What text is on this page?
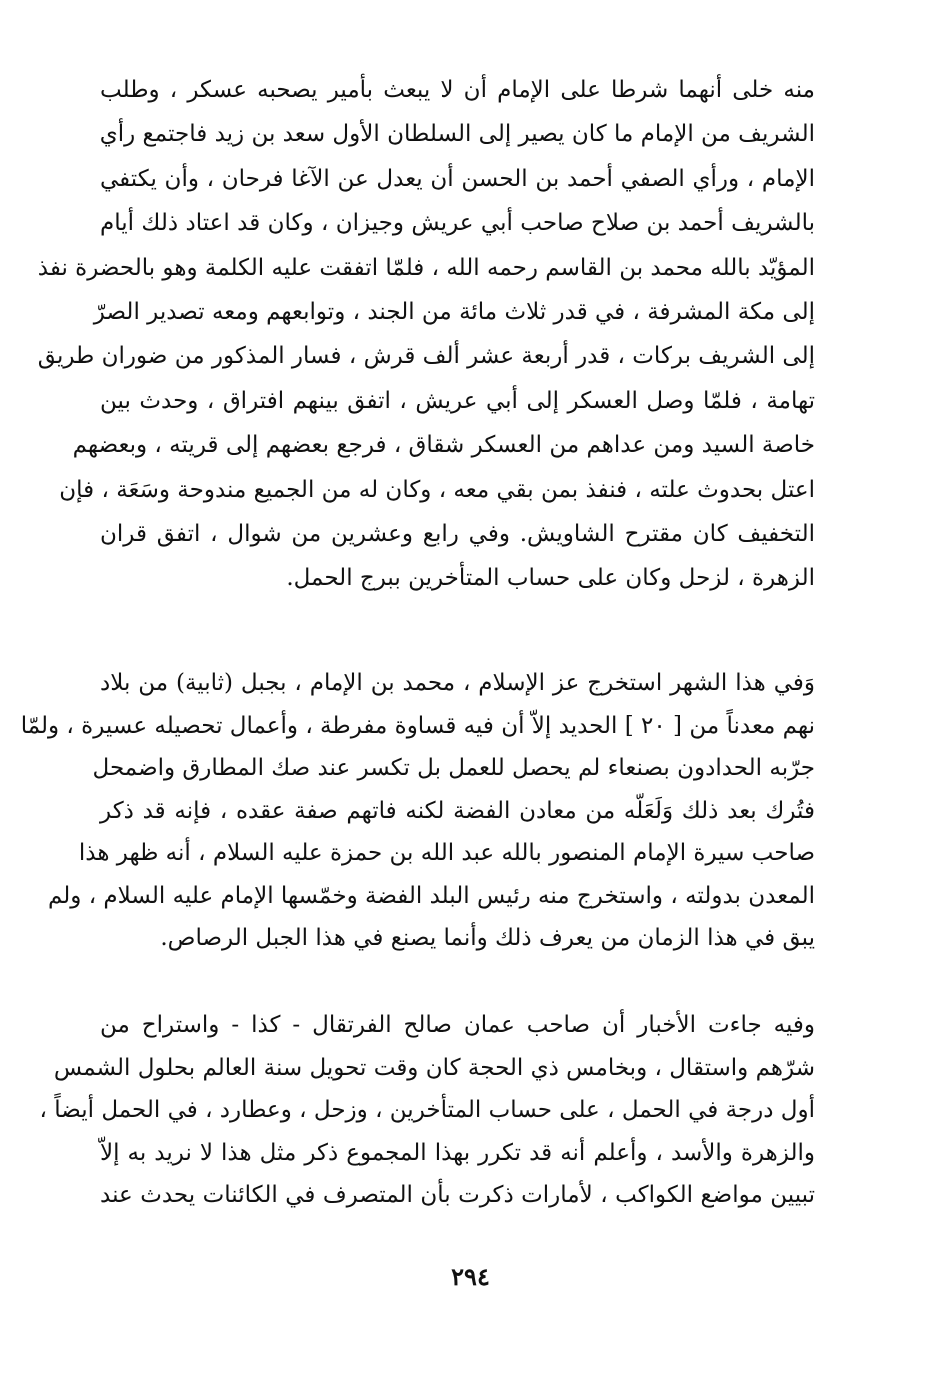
منه خلى أنهما شرطا على الإمام أن لا يبعث بأمير يصحبه عسكر ، وطلب
الشريف من الإمام ما كان يصير إلى السلطان الأول سعد بن زيد فاجتمع رأي
الإمام ، ورأي الصفي أحمد بن الحسن أن يعدل عن الآغا فرحان ، وأن يكتفي
بالشريف أحمد بن صلاح صاحب أبي عريش وجيزان ، وكان قد اعتاد ذلك أيام
المؤيّد بالله محمد بن القاسم رحمه الله ، فلمّا اتفقت عليه الكلمة وهو بالحضرة نفذ
إلى مكة المشرفة ، في قدر ثلاث مائة من الجند ، وتوابعهم ومعه تصدير الصرّ
إلى الشريف بركات ، قدر أربعة عشر ألف قرش ، فسار المذكور من ضوران طريق
تهامة ، فلمّا وصل العسكر إلى أبي عريش ، اتفق بينهم افتراق ، وحدث بين
خاصة السيد ومن عداهم من العسكر شقاق ، فرجع بعضهم إلى قريته ، وبعضهم
اعتل بحدوث علته ، فنفذ بمن بقي معه ، وكان له من الجميع مندوحة وسَعَة ، فإن
التخفيف كان مقترح الشاويش. وفي رابع وعشرين من شوال ، اتفق قران
الزهرة ، لزحل وكان على حساب المتأخرين ببرج الحمل.
وَفي هذا الشهر استخرج عز الإسلام ، محمد بن الإمام ، بجبل (ثابية) من بلاد
نهم معدناً من [ ٢٠ ] الحديد إلاّ أن فيه قساوة مفرطة ، وأعمال تحصيله عسيرة ، ولمّا
جرّبه الحدادون بصنعاء لم يحصل للعمل بل تكسر عند صك المطارق واضمحل
فتُرك بعد ذلك وَلَعَلّه من معادن الفضة لكنه فاتهم صفة عقده ، فإنه قد ذكر
صاحب سيرة الإمام المنصور بالله عبد الله بن حمزة عليه السلام ، أنه ظهر هذا
المعدن بدولته ، واستخرج منه رئيس البلد الفضة وخمّسها الإمام عليه السلام ، ولم
يبق في هذا الزمان من يعرف ذلك وأنما يصنع في هذا الجبل الرصاص.
وفيه جاءت الأخبار أن صاحب عمان صالح الفرتقال - كذا - واستراح من
شرّهم واستقال ، وبخامس ذي الحجة كان وقت تحويل سنة العالم بحلول الشمس
أول درجة في الحمل ، على حساب المتأخرين ، وزحل ، وعطارد ، في الحمل أيضاً ،
والزهرة والأسد ، وأعلم أنه قد تكرر بهذا المجموع ذكر مثل هذا لا نريد به إلاّ
تبيين مواضع الكواكب ، لأمارات ذكرت بأن المتصرف في الكائنات يحدث عند
٢٩٤
